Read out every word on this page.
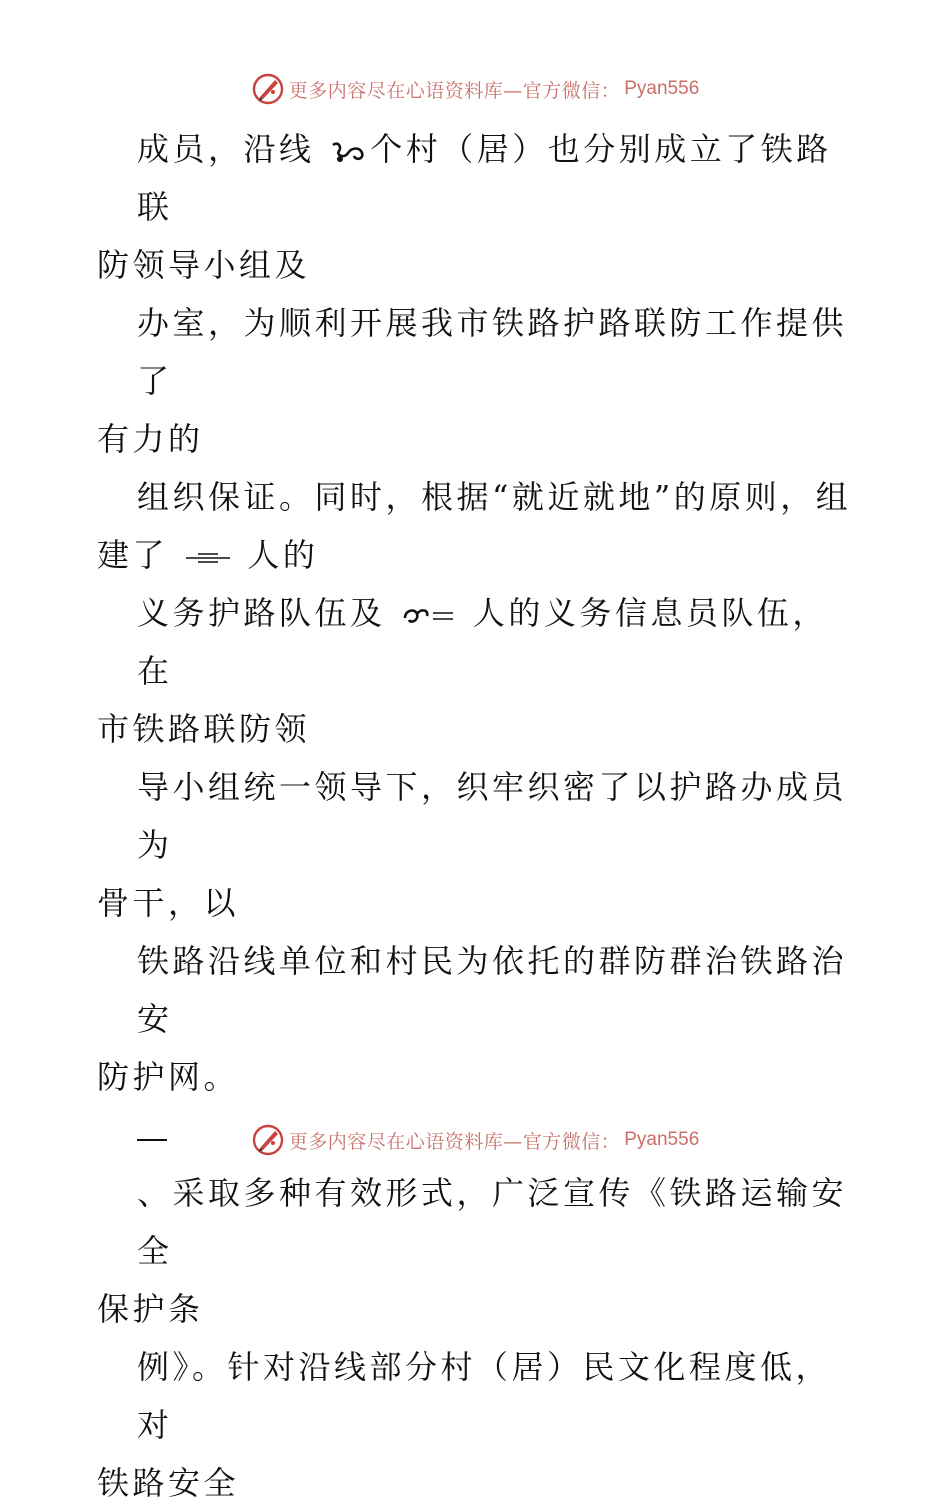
更多内容尽在心语资料库—官方微信： Pyan556
成员，沿线 个村（居）也分别成立了铁路联
防领导小组及
办室，为顺利开展我市铁路护路联防工作提供了
有力的
组织保证。同时，根据“就近就地”的原则，组
建了  人的
义务护路队伍及  人的义务信息员队伍，在
市铁路联防领
导小组统一领导下，织牢织密了以护路办成员为
骨干，以
铁路沿线单位和村民为依托的群防群治铁路治安
防护网。
、采取多种有效形式，广泛宣传《铁路运输安全
保护条
例》。针对沿线部分村（居）民文化程度低，对
铁路安全
更多内容尽在心语资料库—官方微信： Pyan556
